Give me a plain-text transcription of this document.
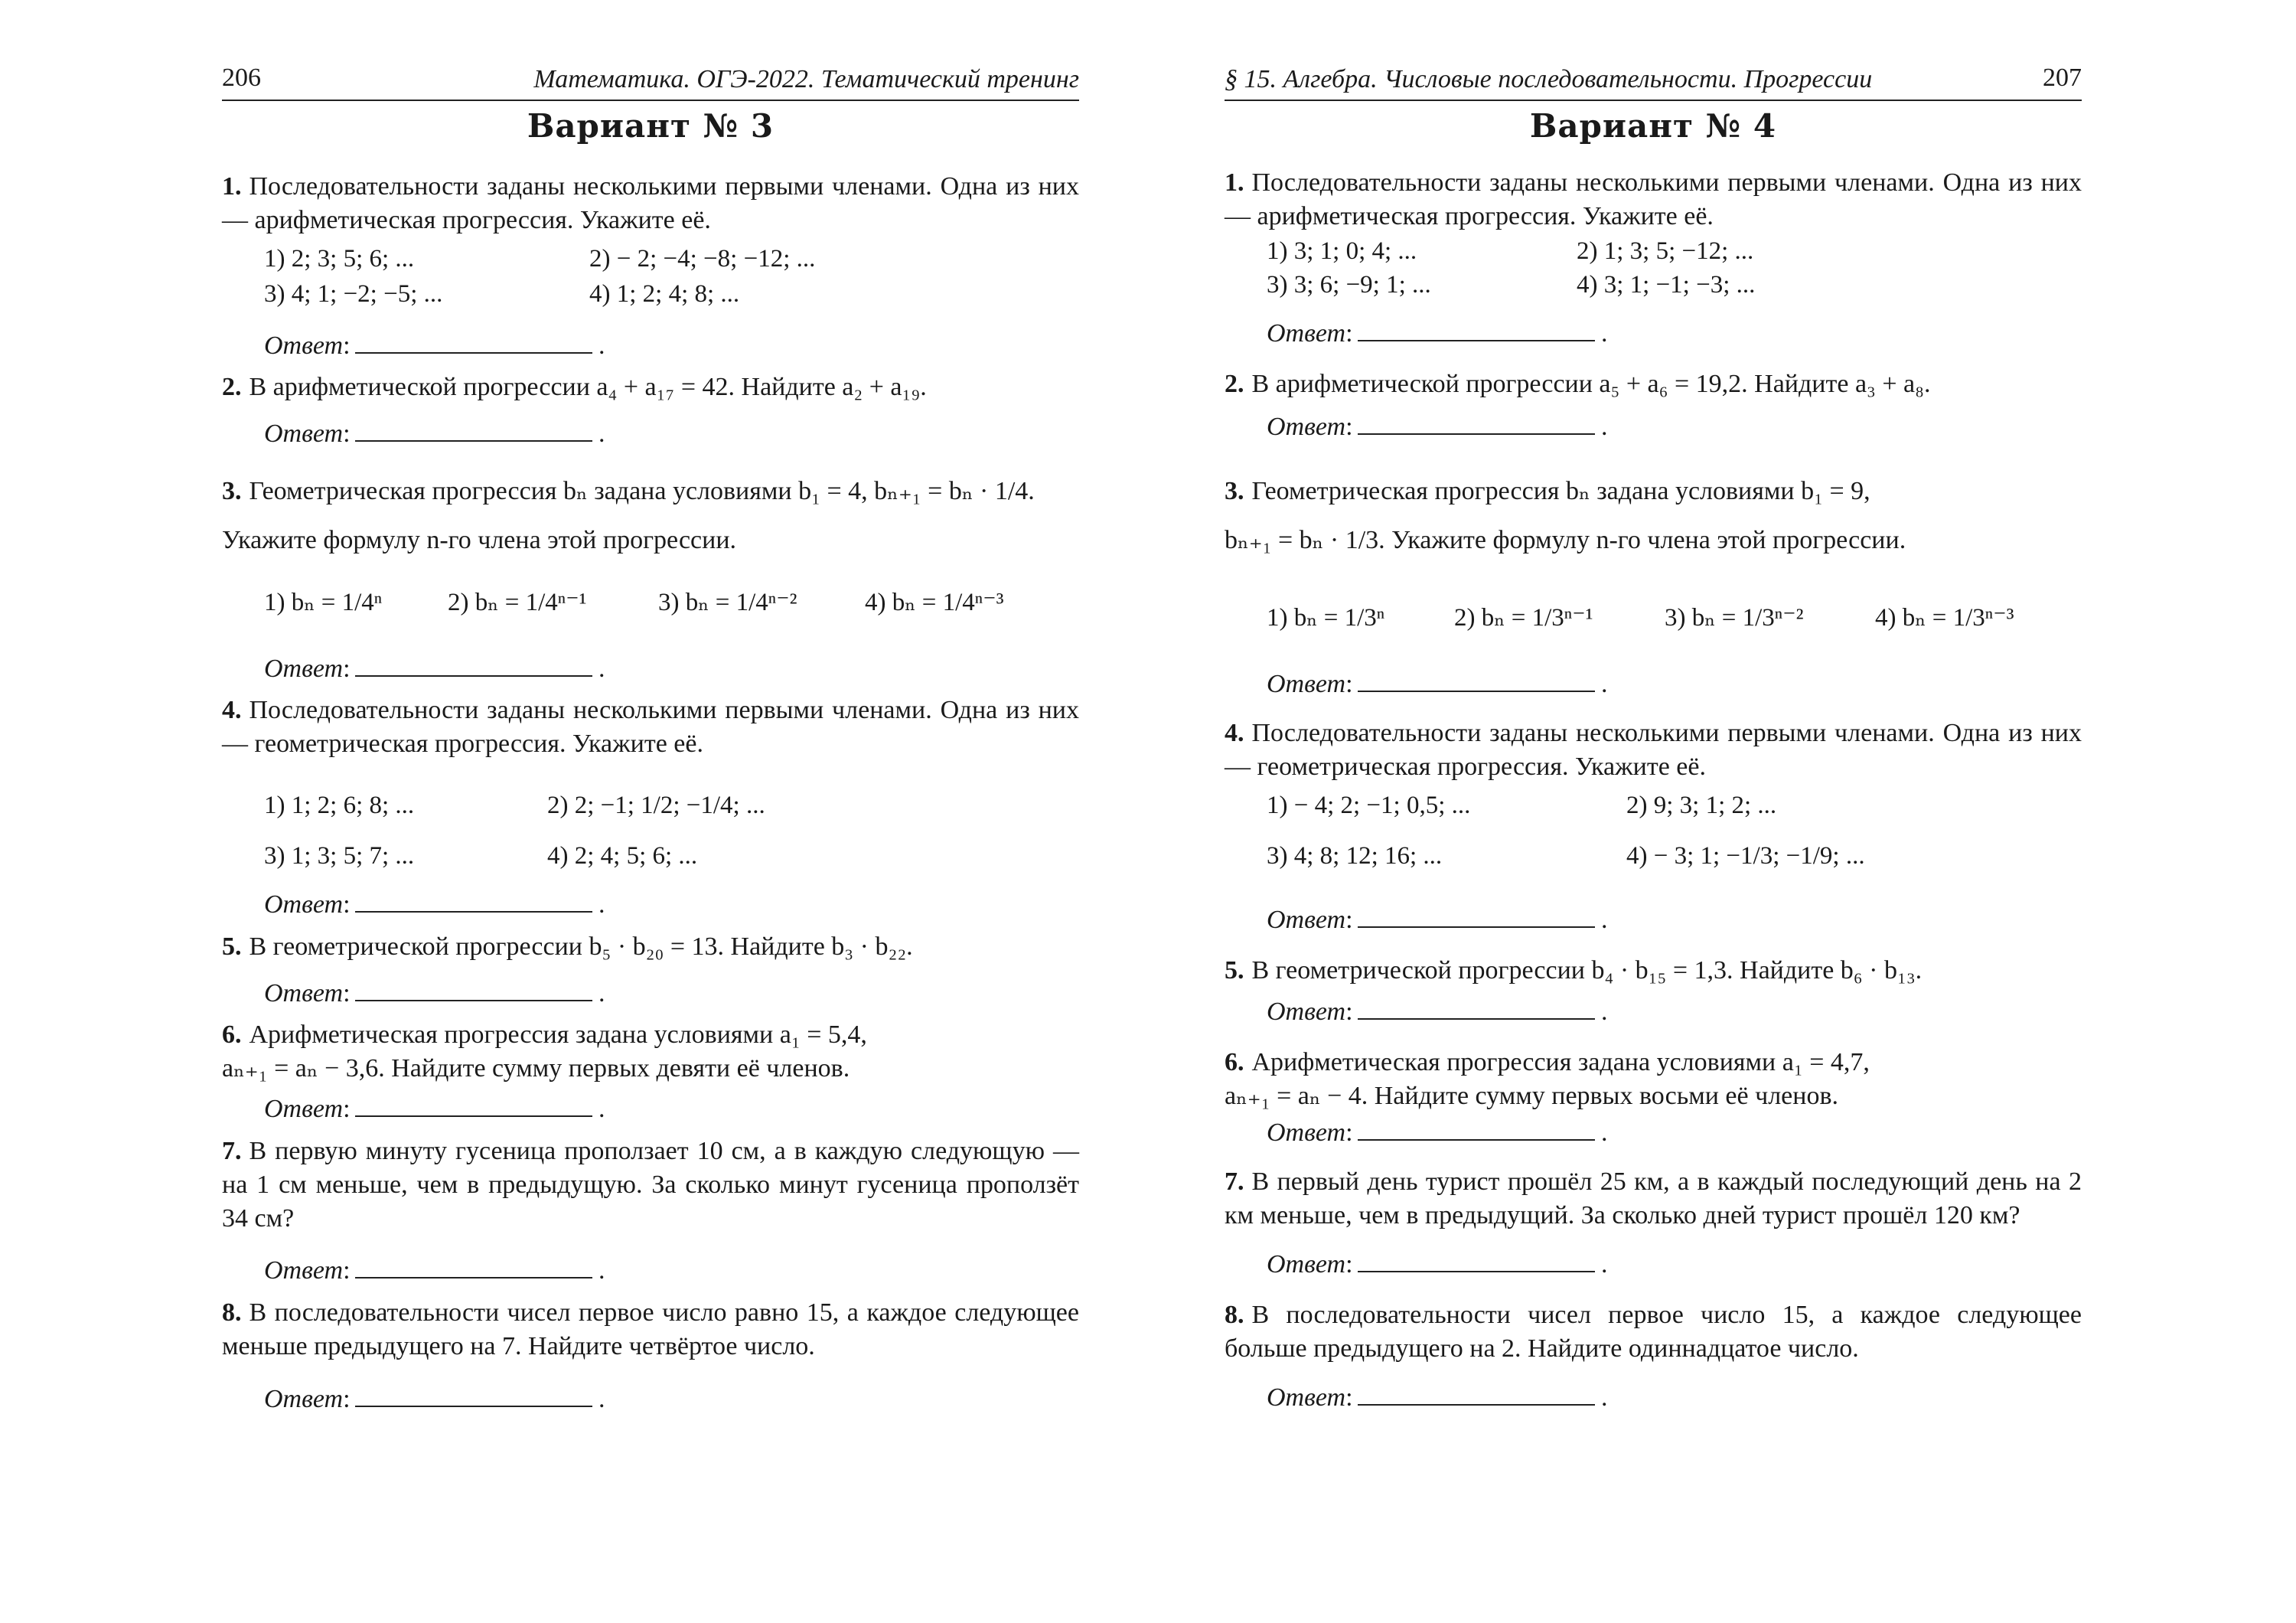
206	Математика. ОГЭ-2022. Тематический тренинг
Вариант № 3
1. Последовательности заданы несколькими первыми членами. Одна из них — арифметическая прогрессия. Укажите её.
1) 2; 3; 5; 6; ...	2) − 2; −4; −8; −12; ...
3) 4; 1; −2; −5; ...	4) 1; 2; 4; 8; ...
Ответ:	.
2. В арифметической прогрессии a₄ + a₁₇ = 42. Найдите a₂ + a₁₉.
Ответ:	.
3. Геометрическая прогрессия bₙ задана условиями b₁ = 4, bₙ₊₁ = bₙ · 1/4.
Укажите формулу n-го члена этой прогрессии.
1) bₙ = 1/4ⁿ	2) bₙ = 1/4ⁿ⁻¹	3) bₙ = 1/4ⁿ⁻²	4) bₙ = 1/4ⁿ⁻³
Ответ:	.
4. Последовательности заданы несколькими первыми членами. Одна из них — геометрическая прогрессия. Укажите её.
1) 1; 2; 6; 8; ...	2) 2; −1; 1/2; −1/4; ...
3) 1; 3; 5; 7; ...	4) 2; 4; 5; 6; ...
Ответ:	.
5. В геометрической прогрессии b₅ · b₂₀ = 13. Найдите b₃ · b₂₂.
Ответ:	.
6. Арифметическая прогрессия задана условиями a₁ = 5,4,
aₙ₊₁ = aₙ − 3,6. Найдите сумму первых девяти её членов.
Ответ:	.
7. В первую минуту гусеница проползает 10 см, а в каждую следующую — на 1 см меньше, чем в предыдущую. За сколько минут гусеница проползёт 34 см?
Ответ:	.
8. В последовательности чисел первое число равно 15, а каждое следующее меньше предыдущего на 7. Найдите четвёртое число.
Ответ:	.
§ 15. Алгебра. Числовые последовательности. Прогрессии	207
Вариант № 4
1. Последовательности заданы несколькими первыми членами. Одна из них — арифметическая прогрессия. Укажите её.
1) 3; 1; 0; 4; ...	2) 1; 3; 5; −12; ...
3) 3; 6; −9; 1; ...	4) 3; 1; −1; −3; ...
Ответ:	.
2. В арифметической прогрессии a₅ + a₆ = 19,2. Найдите a₃ + a₈.
Ответ:	.
3. Геометрическая прогрессия bₙ задана условиями b₁ = 9,
bₙ₊₁ = bₙ · 1/3. Укажите формулу n-го члена этой прогрессии.
1) bₙ = 1/3ⁿ	2) bₙ = 1/3ⁿ⁻¹	3) bₙ = 1/3ⁿ⁻²	4) bₙ = 1/3ⁿ⁻³
Ответ:	.
4. Последовательности заданы несколькими первыми членами. Одна из них — геометрическая прогрессия. Укажите её.
1) − 4; 2; −1; 0,5; ...	2) 9; 3; 1; 2; ...
3) 4; 8; 12; 16; ...	4) − 3; 1; −1/3; −1/9; ...
Ответ:	.
5. В геометрической прогрессии b₄ · b₁₅ = 1,3. Найдите b₆ · b₁₃.
Ответ:	.
6. Арифметическая прогрессия задана условиями a₁ = 4,7,
aₙ₊₁ = aₙ − 4. Найдите сумму первых восьми её членов.
Ответ:	.
7. В первый день турист прошёл 25 км, а в каждый последующий день на 2 км меньше, чем в предыдущий. За сколько дней турист прошёл 120 км?
Ответ:	.
8. В последовательности чисел первое число 15, а каждое следующее больше предыдущего на 2. Найдите одиннадцатое число.
Ответ:	.
